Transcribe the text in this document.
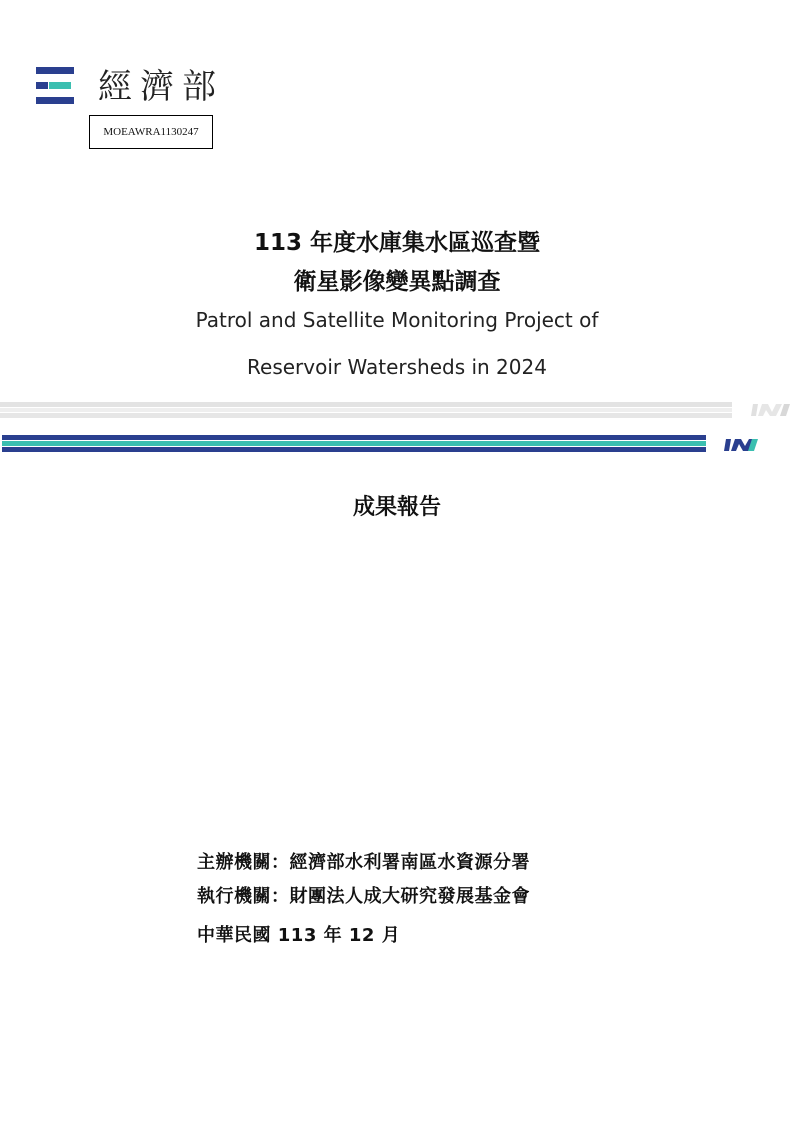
經濟部
MOEAWRA1130247
113 年度水庫集水區巡查暨
衛星影像變異點調查
Patrol and Satellite Monitoring Project of
Reservoir Watersheds in 2024
成果報告
主辦機關：經濟部水利署南區水資源分署
執行機關：財團法人成大研究發展基金會
中華民國 113 年 12 月
